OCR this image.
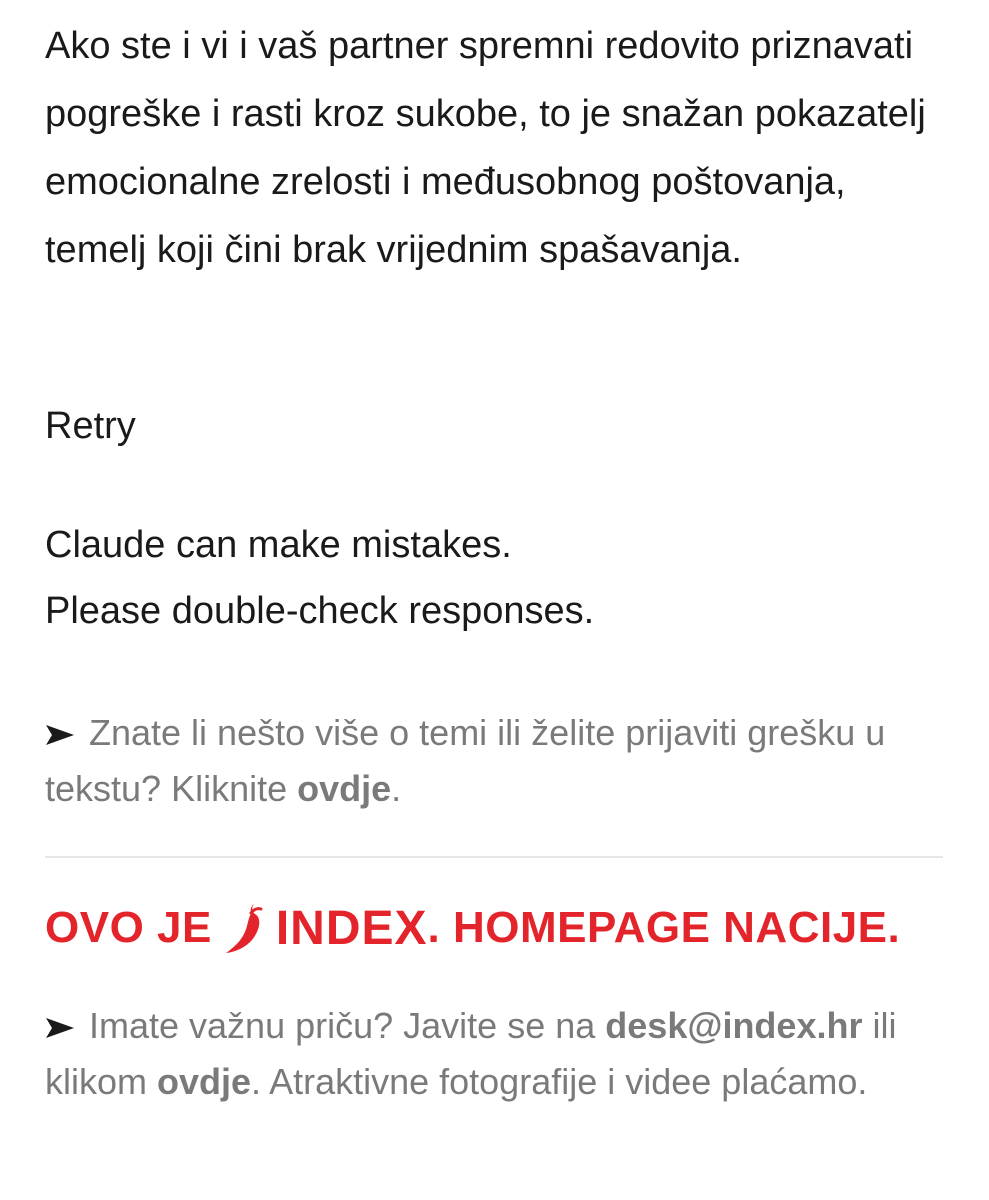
Ako ste i vi i vaš partner spremni redovito priznavati pogreške i rasti kroz sukobe, to je snažan pokazatelj emocionalne zrelosti i međusobnog poštovanja, temelj koji čini brak vrijednim spašavanja.

Retry

Claude can make mistakes.
Please double-check responses.

Znate li nešto više o temi ili želite prijaviti grešku u tekstu? Kliknite ovdje.

OVO JE INDEX . HOMEPAGE NACIJE.

Imate važnu priču? Javite se na desk@index.hr ili klikom ovdje. Atraktivne fotografije i videe plaćamo.
